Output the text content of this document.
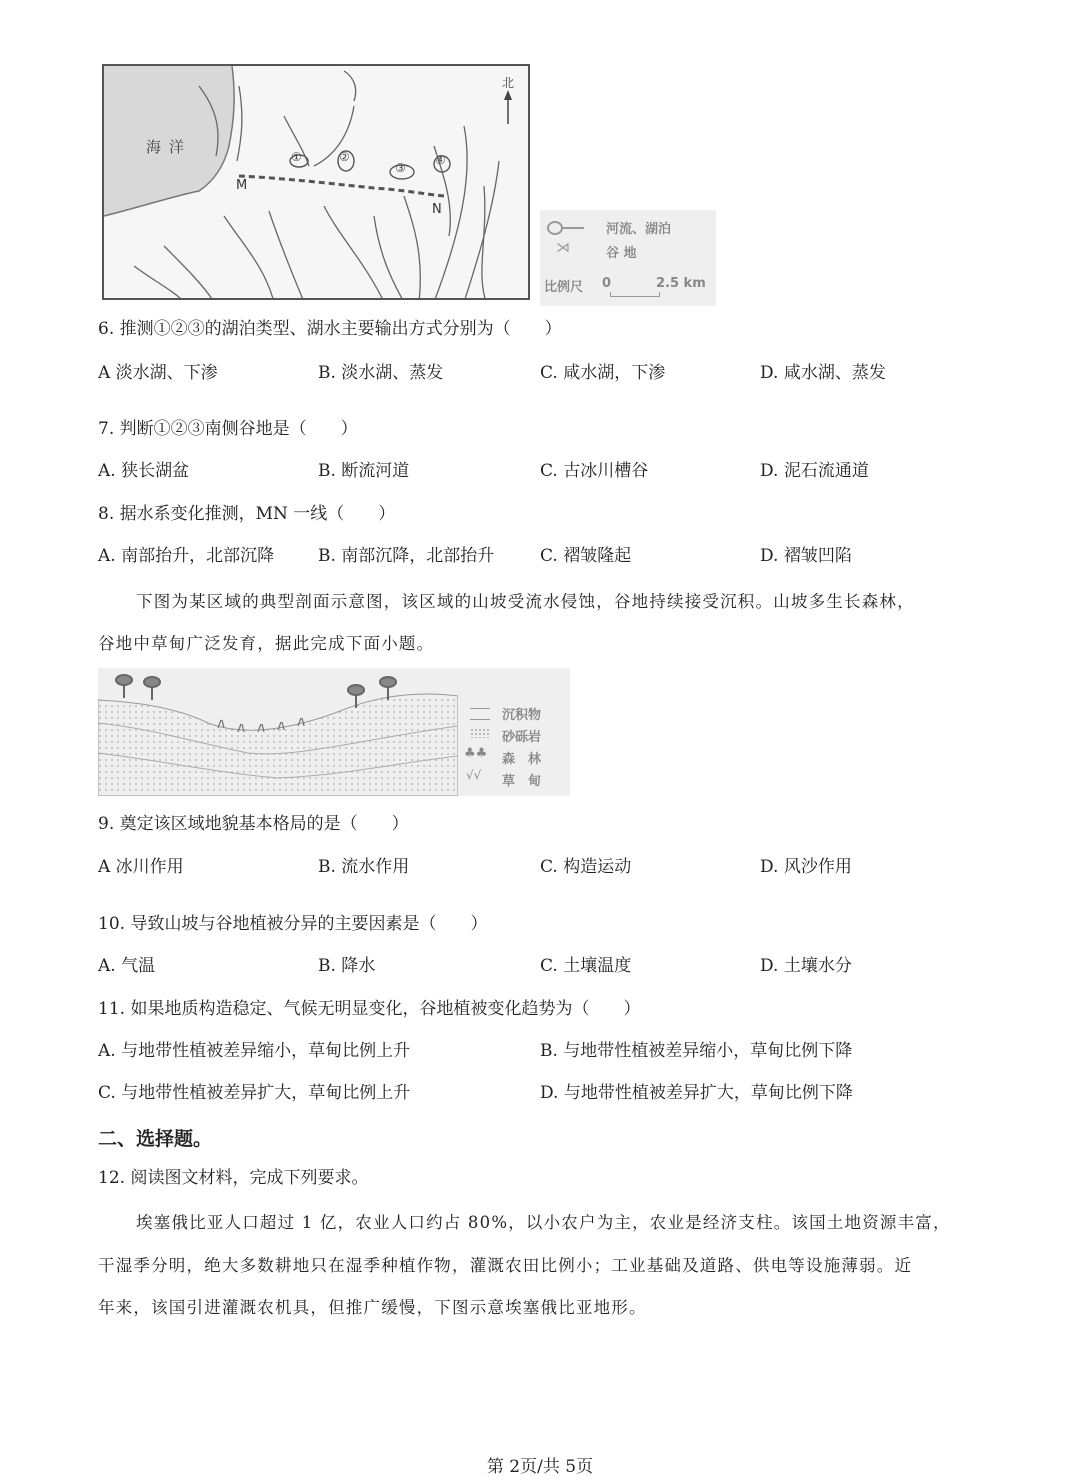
海洋
北
M
N
①	②
③
④
河流、湖泊
⋊	谷 地
比例尺 0	2.5 km
6. 推测①②③的湖泊类型、湖水主要输出方式分别为（　　）
A 淡水湖、下渗	B. 淡水湖、蒸发	C. 咸水湖，下渗	D. 咸水湖、蒸发
7. 判断①②③南侧谷地是（　　）
A. 狭长湖盆	B. 断流河道	C. 古冰川槽谷	D. 泥石流通道
8. 据水系变化推测，MN 一线（　　）
A. 南部抬升，北部沉降	B. 南部沉降，北部抬升	C. 褶皱隆起	D. 褶皱凹陷
下图为某区域的典型剖面示意图，该区域的山坡受流水侵蚀，谷地持续接受沉积。山坡多生长森林，
谷地中草甸广泛发育，据此完成下面小题。
沉积物
砂砾岩
♣♣ 森　林
√√ 草　甸
9. 奠定该区域地貌基本格局的是（　　）
A 冰川作用	B. 流水作用	C. 构造运动	D. 风沙作用
10. 导致山坡与谷地植被分异的主要因素是（　　）
A. 气温	B. 降水	C. 土壤温度	D. 土壤水分
11. 如果地质构造稳定、气候无明显变化，谷地植被变化趋势为（　　）
A. 与地带性植被差异缩小，草甸比例上升	B. 与地带性植被差异缩小，草甸比例下降
C. 与地带性植被差异扩大，草甸比例上升	D. 与地带性植被差异扩大，草甸比例下降
二、选择题。
12. 阅读图文材料，完成下列要求。
埃塞俄比亚人口超过 1 亿，农业人口约占 80%，以小农户为主，农业是经济支柱。该国土地资源丰富，
干湿季分明，绝大多数耕地只在湿季种植作物，灌溉农田比例小；工业基础及道路、供电等设施薄弱。近
年来，该国引进灌溉农机具，但推广缓慢，下图示意埃塞俄比亚地形。
第 2页/共 5页
